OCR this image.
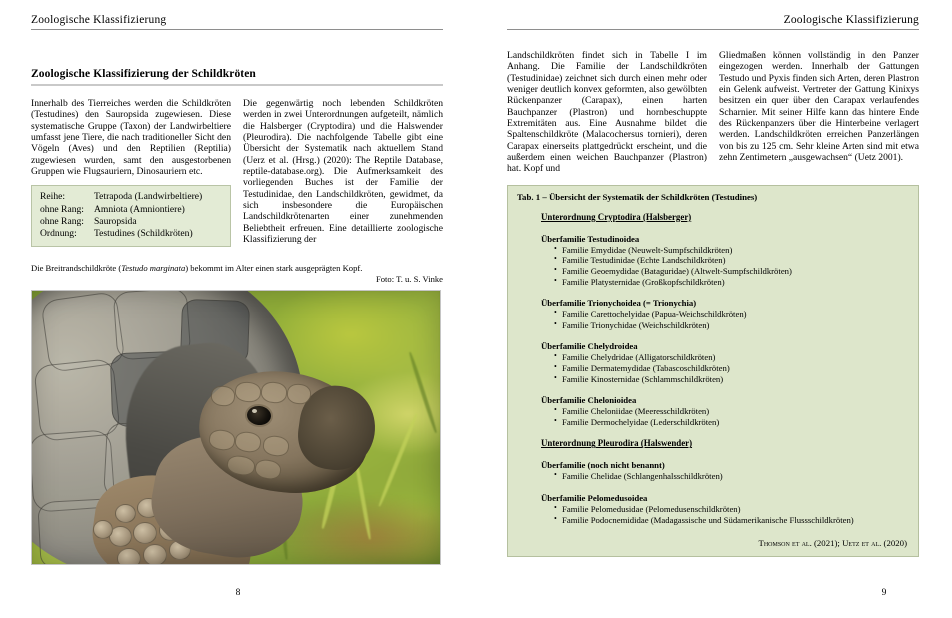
Zoologische Klassifizierung
Zoologische Klassifizierung der Schildkröten
Innerhalb des Tierreiches werden die Schildkröten (Testudines) den Sauropsida zugewiesen. Diese systematische Gruppe (Taxon) der Landwirbeltiere umfasst jene Tiere, die nach traditioneller Sicht den Vögeln (Aves) und den Reptilien (Reptilia) zugewiesen wurden, samt den ausgestorbenen Gruppen wie Flugsauriern, Dinosauriern etc.
Reihe:	Tetrapoda (Landwirbeltiere)
ohne Rang:	Amniota (Amniontiere)
ohne Rang:	Sauropsida
Ordnung:	Testudines (Schildkröten)
Die gegenwärtig noch lebenden Schildkröten werden in zwei Unterordnungen aufgeteilt, nämlich die Halsberger (Cryptodira) und die Halswender (Pleurodira). Die nachfolgende Tabelle gibt eine Übersicht der Systematik nach aktuellem Stand (Uerz et al. (Hrsg.) (2020): The Reptile Database, reptile-database.org). Die Aufmerksamkeit des vorliegenden Buches ist der Familie der Testudinidae, den Landschildkröten, gewidmet, da sich insbesondere die Europäischen Landschildkrötenarten einer zunehmenden Beliebtheit erfreuen. Eine detaillierte zoologische Klassifizierung der
Die Breitrandschildkröte (Testudo marginata) bekommt im Alter einen stark ausgeprägten Kopf.
Foto: T. u. S. Vinke
8
Zoologische Klassifizierung
Landschildkröten findet sich in Tabelle I im Anhang. Die Familie der Landschildkröten (Testudinidae) zeichnet sich durch einen mehr oder weniger deutlich konvex geformten, also gewölbten Rückenpanzer (Carapax), einen harten Bauchpanzer (Plastron) und hornbeschuppte Extremitäten aus. Eine Ausnahme bildet die Spaltenschildkröte (Malacochersus tornieri), deren Carapax einerseits plattgedrückt erscheint, und die außerdem einen weichen Bauchpanzer (Plastron) hat. Kopf und
Gliedmaßen können vollständig in den Panzer eingezogen werden. Innerhalb der Gattungen Testudo und Pyxis finden sich Arten, deren Plastron ein Gelenk aufweist. Vertreter der Gattung Kinixys besitzen ein quer über den Carapax verlaufendes Scharnier. Mit seiner Hilfe kann das hintere Ende des Rückenpanzers über die Hinterbeine verlagert werden. Landschildkröten erreichen Panzerlängen von bis zu 125 cm. Sehr kleine Arten sind mit etwa zehn Zentimetern „ausgewachsen“ (Uetz 2001).
Tab. 1 – Übersicht der Systematik der Schildkröten (Testudines)
Unterordnung Cryptodira (Halsberger)
Überfamilie Testudinoidea
• Familie Emydidae (Neuwelt-Sumpfschildkröten)
• Familie Testudinidae (Echte Landschildkröten)
• Familie Geoemydidae (Bataguridae) (Altwelt-Sumpfschildkröten)
• Familie Platysternidae (Großkopfschildkröten)
Überfamilie Trionychoidea (= Trionychia)
• Familie Carettochelyidae (Papua-Weichschildkröten)
• Familie Trionychidae (Weichschildkröten)
Überfamilie Chelydroidea
• Familie Chelydridae (Alligatorschildkröten)
• Familie Dermatemydidae (Tabascoschildkröten)
• Familie Kinosternidae (Schlammschildkröten)
Überfamilie Chelonioidea
• Familie Cheloniidae (Meeresschildkröten)
• Familie Dermochelyidae (Lederschildkröten)
Unterordnung Pleurodira (Halswender)
Überfamilie (noch nicht benannt)
• Familie Chelidae (Schlangenhalsschildkröten)
Überfamilie Pelomedusoidea
• Familie Pelomedusidae (Pelomedusenschildkröten)
• Familie Podocnemididae (Madagassische und Südamerikanische Flussschildkröten)
Thomson et al. (2021); Uetz et al. (2020)
9
